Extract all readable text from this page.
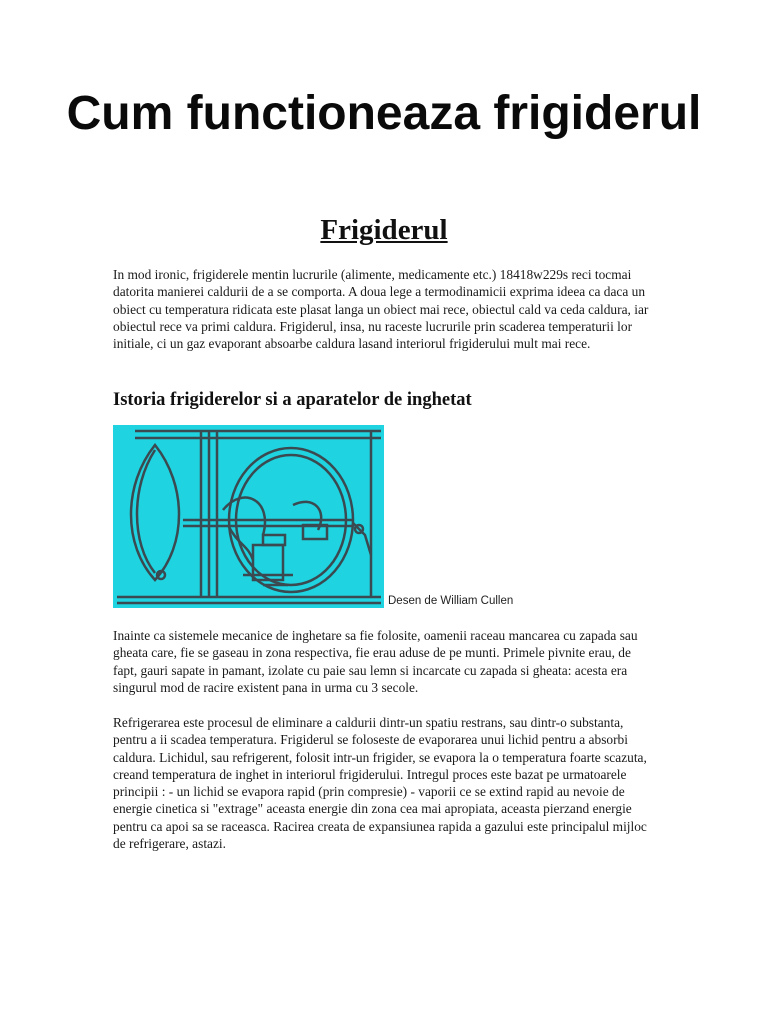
Cum functioneaza frigiderul
Frigiderul

In mod ironic, frigiderele mentin lucrurile (alimente, medicamente etc.) 18418w229s reci tocmai datorita manierei caldurii de a se comporta. A doua lege a termodinamicii exprima ideea ca daca un obiect cu temperatura ridicata este plasat langa un obiect mai rece, obiectul cald va ceda caldura, iar obiectul rece va primi caldura. Frigiderul, insa, nu raceste lucrurile prin scaderea temperaturii lor initiale, ci un gaz evaporant absoarbe caldura lasand interiorul frigiderului mult mai rece.

Istoria frigiderelor si a aparatelor de inghetat
Desen de William Cullen

Inainte ca sistemele mecanice de inghetare sa fie folosite, oamenii raceau mancarea cu zapada sau gheata care, fie se gaseau in zona respectiva, fie erau aduse de pe munti. Primele pivnite erau, de fapt, gauri sapate in pamant, izolate cu paie sau lemn si incarcate cu zapada si gheata: acesta era singurul mod de racire existent pana in urma cu 3 secole.

Refrigerarea este procesul de eliminare a caldurii dintr-un spatiu restrans, sau dintr-o substanta, pentru a ii scadea temperatura. Frigiderul se foloseste de evaporarea unui lichid pentru a absorbi caldura. Lichidul, sau refrigerent, folosit intr-un frigider, se evapora la o temperatura foarte scazuta, creand temperatura de inghet in interiorul frigiderului. Intregul proces este bazat pe urmatoarele principii : - un lichid se evapora rapid (prin compresie) - vaporii ce se extind rapid au nevoie de energie cinetica si "extrage" aceasta energie din zona cea mai apropiata, aceasta pierzand energie pentru ca apoi sa se raceasca. Racirea creata de expansiunea rapida a gazului este principalul mijloc de refrigerare, astazi.
